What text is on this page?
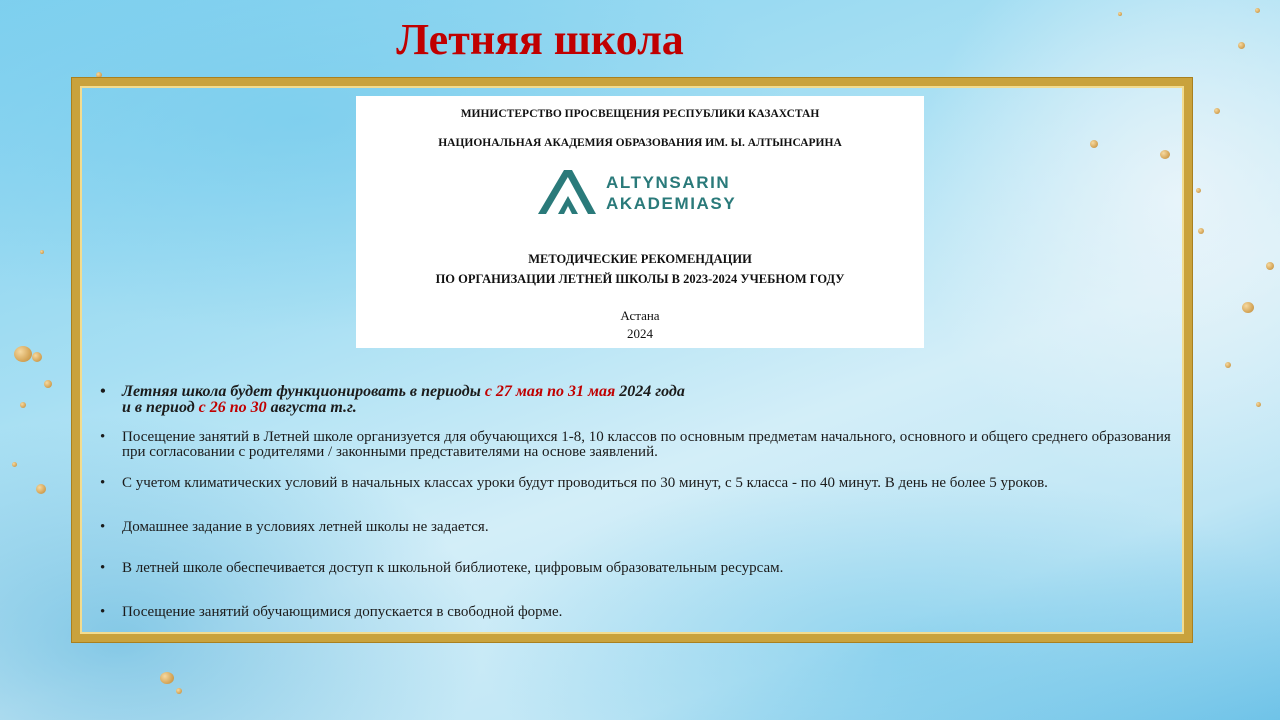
Летняя школа
МИНИСТЕРСТВО ПРОСВЕЩЕНИЯ РЕСПУБЛИКИ КАЗАХСТАН
НАЦИОНАЛЬНАЯ АКАДЕМИЯ ОБРАЗОВАНИЯ ИМ. Ы. АЛТЫНСАРИНА
ALTYNSARIN
AKADEMIASY
МЕТОДИЧЕСКИЕ РЕКОМЕНДАЦИИ
ПО ОРГАНИЗАЦИИ ЛЕТНЕЙ ШКОЛЫ В 2023-2024 УЧЕБНОМ ГОДУ
Астана
2024
• Летняя школа будет функционировать в периоды с 27 мая по 31 мая 2024 года
и в период с 26 по 30 августа т.г.
• Посещение занятий в Летней школе организуется для обучающихся 1-8, 10 классов по основным предметам начального, основного и общего среднего образования при согласовании с родителями / законными представителями на основе заявлений.
• С учетом климатических условий в начальных классах уроки будут проводиться по 30 минут, с 5 класса - по 40 минут. В день не более 5 уроков.
• Домашнее задание в условиях летней школы не задается.
• В летней школе обеспечивается доступ к школьной библиотеке, цифровым образовательным ресурсам.
• Посещение занятий обучающимися допускается в свободной форме.
